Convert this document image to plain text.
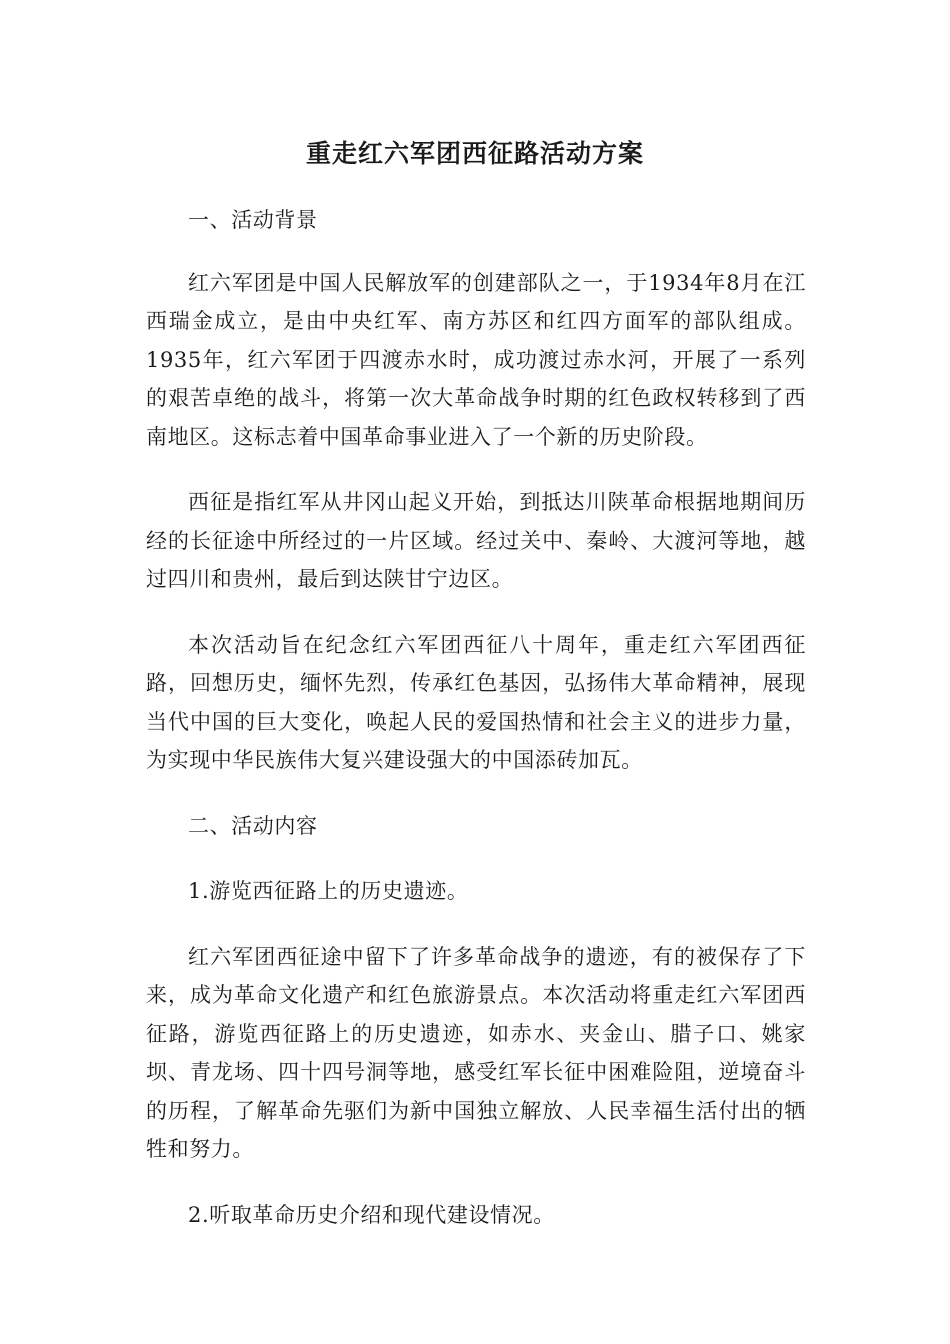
重走红六军团西征路活动方案

一、活动背景

红六军团是中国人民解放军的创建部队之一，于1934年8月在江西瑞金成立，是由中央红军、南方苏区和红四方面军的部队组成。1935年，红六军团于四渡赤水时，成功渡过赤水河，开展了一系列的艰苦卓绝的战斗，将第一次大革命战争时期的红色政权转移到了西南地区。这标志着中国革命事业进入了一个新的历史阶段。

西征是指红军从井冈山起义开始，到抵达川陕革命根据地期间历经的长征途中所经过的一片区域。经过关中、秦岭、大渡河等地，越过四川和贵州，最后到达陕甘宁边区。

本次活动旨在纪念红六军团西征八十周年，重走红六军团西征路，回想历史，缅怀先烈，传承红色基因，弘扬伟大革命精神，展现当代中国的巨大变化，唤起人民的爱国热情和社会主义的进步力量，为实现中华民族伟大复兴建设强大的中国添砖加瓦。

二、活动内容

1.游览西征路上的历史遗迹。

红六军团西征途中留下了许多革命战争的遗迹，有的被保存了下来，成为革命文化遗产和红色旅游景点。本次活动将重走红六军团西征路，游览西征路上的历史遗迹，如赤水、夹金山、腊子口、姚家坝、青龙场、四十四号洞等地，感受红军长征中困难险阻，逆境奋斗的历程，了解革命先驱们为新中国独立解放、人民幸福生活付出的牺牲和努力。

2.听取革命历史介绍和现代建设情况。
